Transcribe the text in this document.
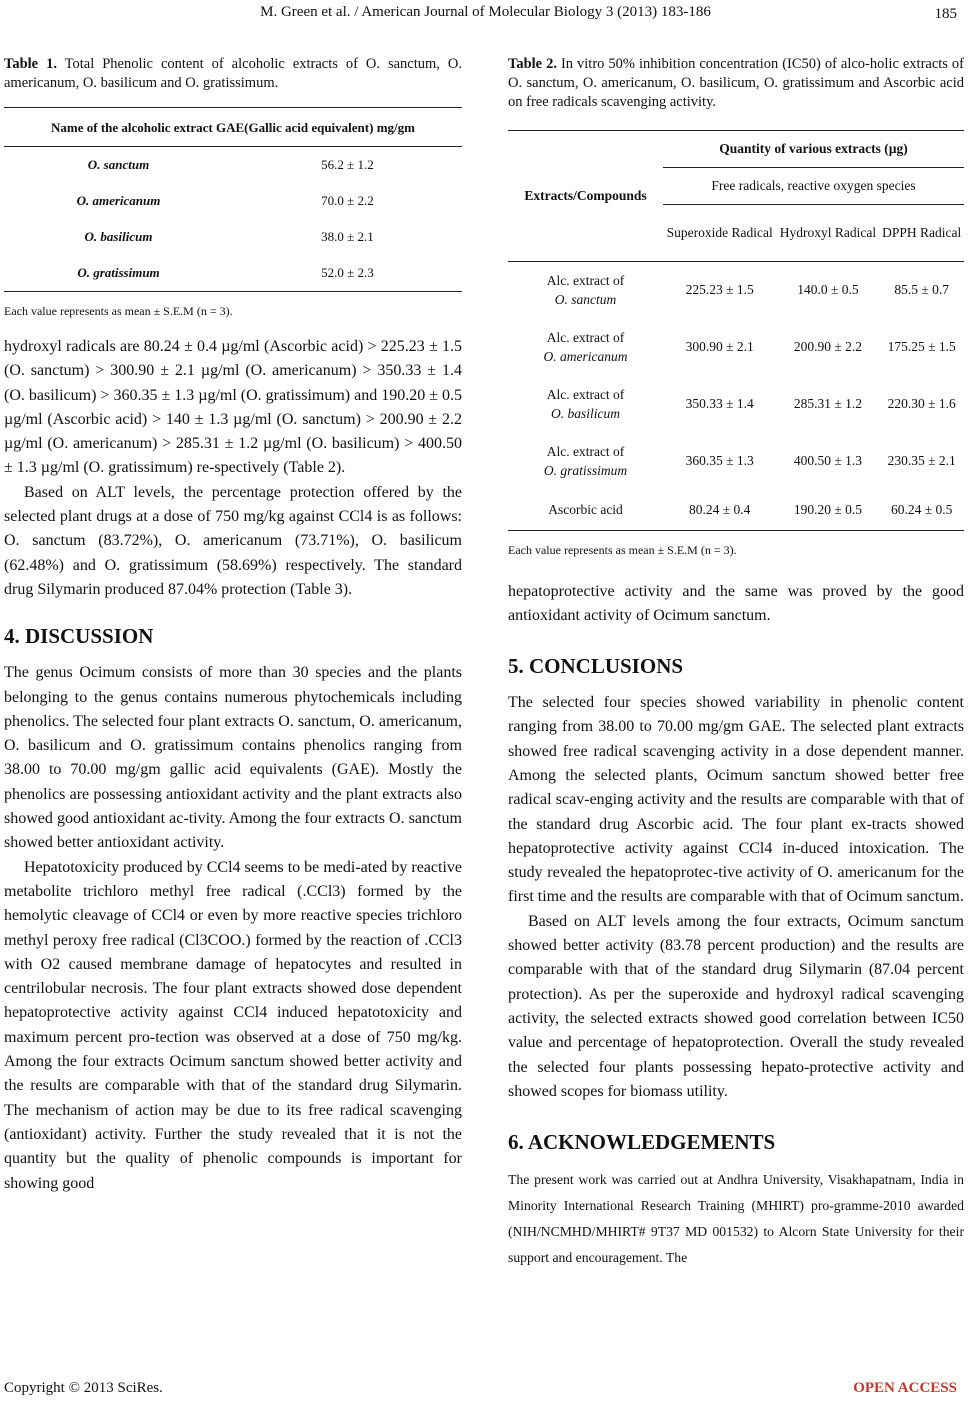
M. Green et al. / American Journal of Molecular Biology 3 (2013) 183-186	185

Table 1. Total Phenolic content of alcoholic extracts of O. sanctum, O. americanum, O. basilicum and O. gratissimum.

Name of the alcoholic extract GAE(Gallic acid equivalent) mg/gm	
O. sanctum	56.2 ± 1.2
O. americanum	70.0 ± 2.2
O. basilicum	38.0 ± 2.1
O. gratissimum	52.0 ± 2.3

Each value represents as mean ± S.E.M (n = 3).

hydroxyl radicals are 80.24 ± 0.4 µg/ml (Ascorbic acid) > 225.23 ± 1.5 (O. sanctum) > 300.90 ± 2.1 µg/ml (O. americanum) > 350.33 ± 1.4 (O. basilicum) > 360.35 ± 1.3 µg/ml (O. gratissimum) and 190.20 ± 0.5 µg/ml (Ascorbic acid) > 140 ± 1.3 µg/ml (O. sanctum) > 200.90 ± 2.2 µg/ml (O. americanum) > 285.31 ± 1.2 µg/ml (O. basilicum) > 400.50 ± 1.3 µg/ml (O. gratissimum) re-spectively (Table 2).

Based on ALT levels, the percentage protection offered by the selected plant drugs at a dose of 750 mg/kg against CCl4 is as follows: O. sanctum (83.72%), O. americanum (73.71%), O. basilicum (62.48%) and O. gratissimum (58.69%) respectively. The standard drug Silymarin produced 87.04% protection (Table 3).

4. DISCUSSION

The genus Ocimum consists of more than 30 species and the plants belonging to the genus contains numerous phytochemicals including phenolics. The selected four plant extracts O. sanctum, O. americanum, O. basilicum and O. gratissimum contains phenolics ranging from 38.00 to 70.00 mg/gm gallic acid equivalents (GAE). Mostly the phenolics are possessing antioxidant activity and the plant extracts also showed good antioxidant ac-tivity. Among the four extracts O. sanctum showed better antioxidant activity.

Hepatotoxicity produced by CCl4 seems to be medi-ated by reactive metabolite trichloro methyl free radical (.CCl3) formed by the hemolytic cleavage of CCl4 or even by more reactive species trichloro methyl peroxy free radical (Cl3COO.) formed by the reaction of .CCl3 with O2 caused membrane damage of hepatocytes and resulted in centrilobular necrosis. The four plant extracts showed dose dependent hepatoprotective activity against CCl4 induced hepatotoxicity and maximum percent pro-tection was observed at a dose of 750 mg/kg. Among the four extracts Ocimum sanctum showed better activity and the results are comparable with that of the standard drug Silymarin. The mechanism of action may be due to its free radical scavenging (antioxidant) activity. Further the study revealed that it is not the quantity but the quality of phenolic compounds is important for showing good

Table 2. In vitro 50% inhibition concentration (IC50) of alco-holic extracts of O. sanctum, O. americanum, O. basilicum, O. gratissimum and Ascorbic acid on free radicals scavenging activity.

Extracts/Compounds	Quantity of various extracts (µg)		
	Free radicals, reactive oxygen species		
	Superoxide Radical	Hydroxyl Radical	DPPH Radical

Alc. extract of
O. sanctum	225.23 ± 1.5	140.0 ± 0.5	85.5 ± 0.7

Alc. extract of
O. americanum	300.90 ± 2.1	200.90 ± 2.2	175.25 ± 1.5

Alc. extract of
O. basilicum	350.33 ± 1.4	285.31 ± 1.2	220.30 ± 1.6

Alc. extract of
O. gratissimum	360.35 ± 1.3	400.50 ± 1.3	230.35 ± 2.1

Ascorbic acid	80.24 ± 0.4	190.20 ± 0.5	60.24 ± 0.5

Each value represents as mean ± S.E.M (n = 3).

hepatoprotective activity and the same was proved by the good antioxidant activity of Ocimum sanctum.

5. CONCLUSIONS

The selected four species showed variability in phenolic content ranging from 38.00 to 70.00 mg/gm GAE. The selected plant extracts showed free radical scavenging activity in a dose dependent manner. Among the selected plants, Ocimum sanctum showed better free radical scav-enging activity and the results are comparable with that of the standard drug Ascorbic acid. The four plant ex-tracts showed hepatoprotective activity against CCl4 in-duced intoxication. The study revealed the hepatoprotec-tive activity of O. americanum for the first time and the results are comparable with that of Ocimum sanctum.

Based on ALT levels among the four extracts, Ocimum sanctum showed better activity (83.78 percent production) and the results are comparable with that of the standard drug Silymarin (87.04 percent protection). As per the superoxide and hydroxyl radical scavenging activity, the selected extracts showed good correlation between IC50 value and percentage of hepatoprotection. Overall the study revealed the selected four plants possessing hepato-protective activity and showed scopes for biomass utility.

6. ACKNOWLEDGEMENTS

The present work was carried out at Andhra University, Visakhapatnam, India in Minority International Research Training (MHIRT) pro-gramme-2010 awarded (NIH/NCMHD/MHIRT# 9T37 MD 001532) to Alcorn State University for their support and encouragement. The

Copyright © 2013 SciRes.	OPEN ACCESS
